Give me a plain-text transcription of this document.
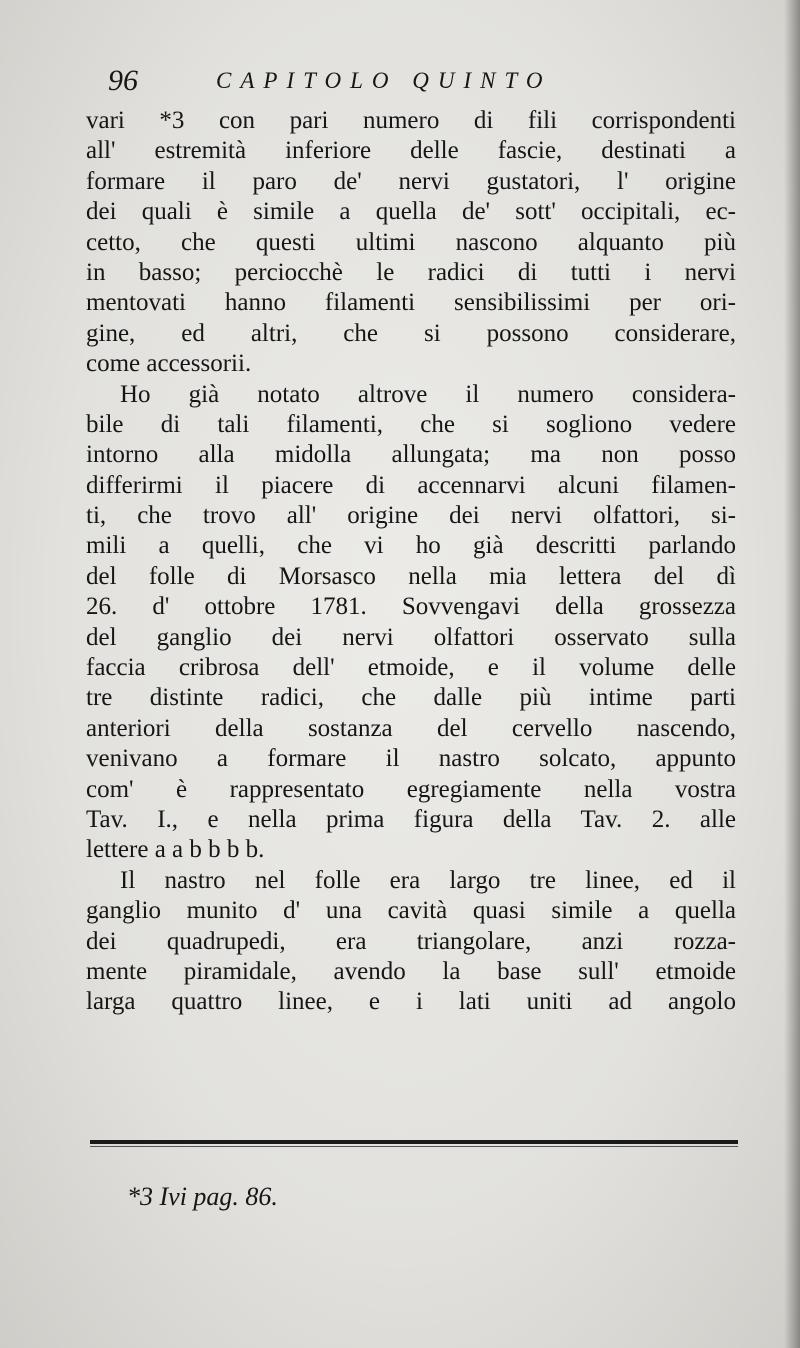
96	CAPITOLO QUINTO
vari *3 con pari numero di fili corrispondenti
all' estremità inferiore delle fascie, destinati a
formare il paro de' nervi gustatori, l' origine
dei quali è simile a quella de' sott' occipitali, ec-
cetto, che questi ultimi nascono alquanto più
in basso; perciocchè le radici di tutti i nervi
mentovati hanno filamenti sensibilissimi per ori-
gine, ed altri, che si possono considerare,
come accessorii.
Ho già notato altrove il numero considera-
bile di tali filamenti, che si sogliono vedere
intorno alla midolla allungata; ma non posso
differirmi il piacere di accennarvi alcuni filamen-
ti, che trovo all' origine dei nervi olfattori, si-
mili a quelli, che vi ho già descritti parlando
del folle di Morsasco nella mia lettera del dì
26. d' ottobre 1781. Sovvengavi della grossezza
del ganglio dei nervi olfattori osservato sulla
faccia cribrosa dell' etmoide, e il volume delle
tre distinte radici, che dalle più intime parti
anteriori della sostanza del cervello nascendo,
venivano a formare il nastro solcato, appunto
com' è rappresentato egregiamente nella vostra
Tav. I., e nella prima figura della Tav. 2. alle
lettere a a b b b b.
Il nastro nel folle era largo tre linee, ed il
ganglio munito d' una cavità quasi simile a quella
dei quadrupedi, era triangolare, anzi rozza-
mente piramidale, avendo la base sull' etmoide
larga quattro linee, e i lati uniti ad angolo
*3 Ivi pag. 86.
